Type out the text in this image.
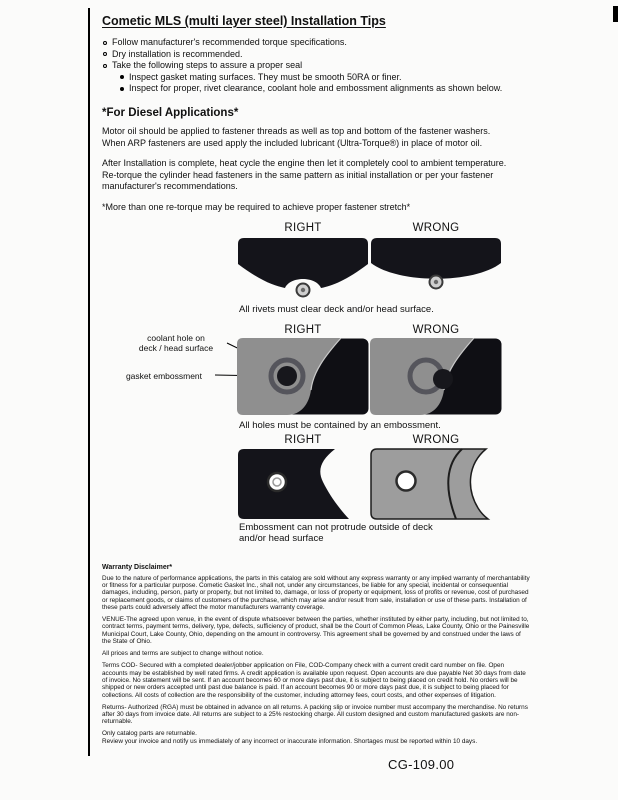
Cometic MLS (multi layer steel) Installation Tips
Follow manufacturer's recommended torque specifications.
Dry installation is recommended.
Take the following steps to assure a proper seal
Inspect gasket mating surfaces. They must be smooth 50RA or finer.
Inspect for proper, rivet clearance, coolant hole and embossment alignments as shown below.
*For Diesel Applications*
Motor oil should be applied to fastener threads as well as top and bottom of the fastener washers. When ARP fasteners are used apply the included lubricant (Ultra-Torque®) in place of motor oil.
After Installation is complete, heat cycle the engine then let it completely cool to ambient temperature. Re-torque the cylinder head fasteners in the same pattern as initial installation or per your fastener manufacturer's recommendations.
*More than one re-torque may be required to achieve proper fastener stretch*
RIGHT	WRONG
All rivets must clear deck and/or head surface.
RIGHT	WRONG
coolant hole on
deck / head surface
gasket embossment
All holes must be contained by an embossment.
RIGHT	WRONG
Embossment can not protrude outside of deck and/or head surface
Warranty Disclaimer*
Due to the nature of performance applications, the parts in this catalog are sold without any express warranty or any implied warranty of merchantability or fitness for a particular purpose. Cometic Gasket Inc., shall not, under any circumstances, be liable for any special, incidental or consequential damages, including, person, party or property, but not limited to, damage, or loss of property or equipment, loss of profits or revenue, cost of purchased or replacement goods, or claims of customers of the purchase, which may arise and/or result from sale, installation or use of these parts. Installation of these parts could adversely affect the motor manufacturers warranty coverage.
VENUE-The agreed upon venue, in the event of dispute whatsoever between the parties, whether instituted by either party, including, but not limited to, contract terms, payment terms, delivery, type, defects, sufficiency of product, shall be the Court of Common Pleas, Lake County, Ohio or the Painesville Municipal Court, Lake County, Ohio, depending on the amount in controversy. This agreement shall be governed by and construed under the laws of the State of Ohio.
All prices and terms are subject to change without notice.
Terms COD- Secured with a completed dealer/jobber application on File, COD-Company check with a current credit card number on file. Open accounts may be established by well rated firms. A credit application is available upon request. Open accounts are due payable Net 30 days from date of invoice. No statement will be sent. If an account becomes 60 or more days past due, it is subject to being placed on credit hold. No orders will be shipped or new orders accepted until past due balance is paid. If an account becomes 90 or more days past due, it is subject to being placed for collections. All costs of collection are the responsibility of the customer, including attorney fees, court costs, and other expenses of litigation.
Returns- Authorized (RGA) must be obtained in advance on all returns. A packing slip or invoice number must accompany the merchandise. No returns after 30 days from invoice date. All returns are subject to a 25% restocking charge. All custom designed and custom manufactured gaskets are non-returnable.
Only catalog parts are returnable.
Review your invoice and notify us immediately of any incorrect or inaccurate information. Shortages must be reported within 10 days.
CG-109.00
